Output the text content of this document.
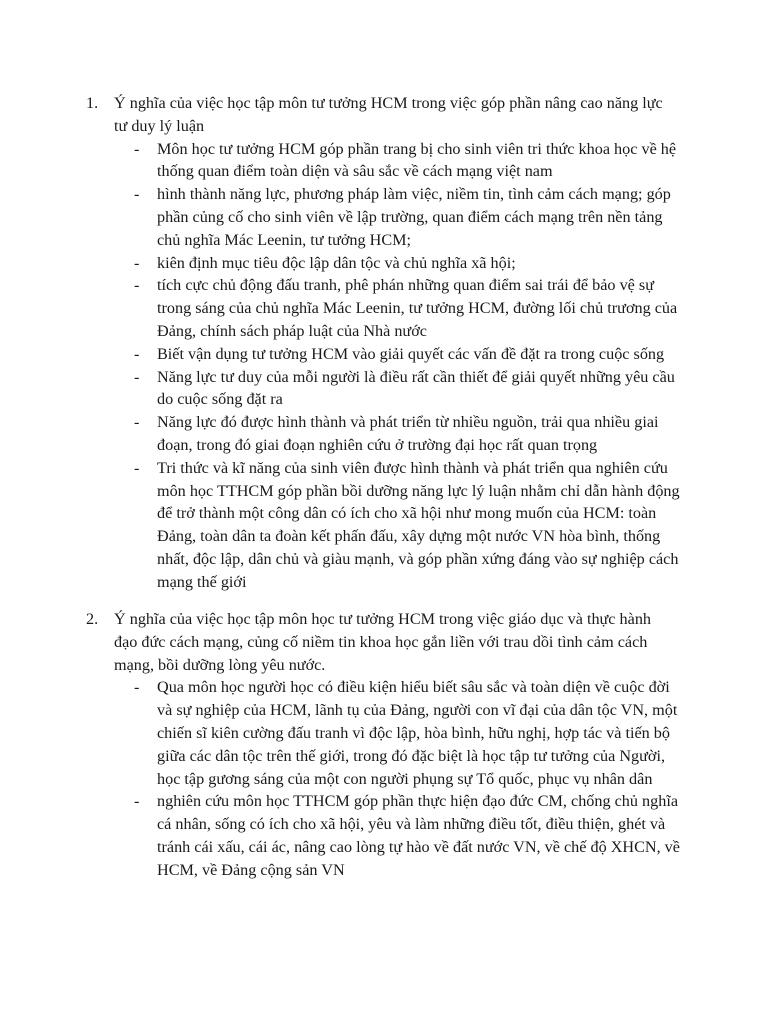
1. Ý nghĩa của việc học tập môn tư tưởng HCM trong việc góp phần nâng cao năng lực tư duy lý luận
- Môn học tư tưởng HCM góp phần trang bị cho sinh viên tri thức khoa học về hệ thống quan điểm toàn diện và sâu sắc về cách mạng việt nam
- hình thành năng lực, phương pháp làm việc, niềm tin, tình cảm cách mạng; góp phần củng cố cho sinh viên về lập trường, quan điểm cách mạng trên nền tảng chủ nghĩa Mác Leenin, tư tưởng HCM;
- kiên định mục tiêu độc lập dân tộc và chủ nghĩa xã hội;
- tích cực chủ động đấu tranh, phê phán những quan điểm sai trái để bảo vệ sự trong sáng của chủ nghĩa Mác Leenin, tư tưởng HCM, đường lối chủ trương của Đảng, chính sách pháp luật của Nhà nước
- Biết vận dụng tư tưởng HCM vào giải quyết các vấn đề đặt ra trong cuộc sống
- Năng lực tư duy của mỗi người là điều rất cần thiết để giải quyết những yêu cầu do cuộc sống đặt ra
- Năng lực đó được hình thành và phát triển từ nhiều nguồn, trải qua nhiều giai đoạn, trong đó giai đoạn nghiên cứu ở trường đại học rất quan trọng
- Tri thức và kĩ năng của sinh viên được hình thành và phát triển qua nghiên cứu môn học TTHCM góp phần bồi dưỡng năng lực lý luận nhằm chỉ dẫn hành động để trở thành một công dân có ích cho xã hội như mong muốn của HCM: toàn Đảng, toàn dân ta đoàn kết phấn đấu, xây dựng một nước VN hòa bình, thống nhất, độc lập, dân chủ và giàu mạnh, và góp phần xứng đáng vào sự nghiệp cách mạng thế giới
2. Ý nghĩa của việc học tập môn học tư tưởng HCM trong việc giáo dục và thực hành đạo đức cách mạng, củng cố niềm tin khoa học gắn liền với trau dồi tình cảm cách mạng, bồi dưỡng lòng yêu nước.
- Qua môn học người học có điều kiện hiểu biết sâu sắc và toàn diện về cuộc đời và sự nghiệp của HCM, lãnh tụ của Đảng, người con vĩ đại của dân tộc VN, một chiến sĩ kiên cường đấu tranh vì độc lập, hòa bình, hữu nghị, hợp tác và tiến bộ giữa các dân tộc trên thế giới, trong đó đặc biệt là học tập tư tưởng của Người, học tập gương sáng của một con người phụng sự Tổ quốc, phục vụ nhân dân
- nghiên cứu môn học TTHCM góp phần thực hiện đạo đức CM, chống chủ nghĩa cá nhân, sống có ích cho xã hội, yêu và làm những điều tốt, điều thiện, ghét và tránh cái xấu, cái ác, nâng cao lòng tự hào về đất nước VN, về chế độ XHCN, về HCM, về Đảng cộng sản VN
